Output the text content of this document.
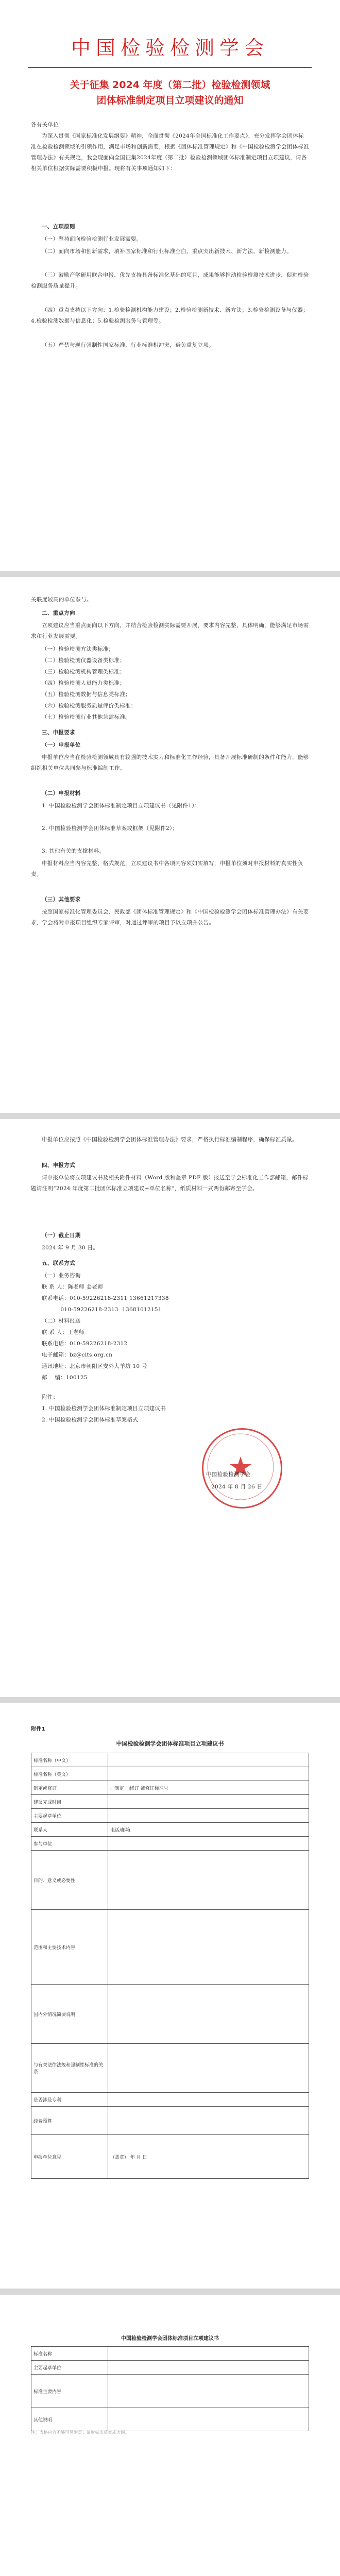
中国检验检测学会
关于征集 2024 年度（第二批）检验检测领域
团体标准制定项目立项建议的通知
各有关单位：
为深入贯彻《国家标准化发展纲要》精神，全面贯彻《2024年全国标准化工作要点》，充分发挥学会团体标准在检验检测领域的引领作用，满足市场和创新需要，根据《团体标准管理规定》和《中国检验检测学会团体标准管理办法》有关规定，我会现面向全国征集2024年度（第二批）检验检测领域团体标准制定项目立项建议，请各相关单位根据实际需要积极申报。现将有关事项通知如下：
一、立项原则
（一）坚持面向检验检测行业发展需要。
（二）面向市场和创新需求，填补国家标准和行业标准空白，重点突出新技术、新方法、新检测能力。
（三）鼓励产学研用联合申报，优先支持具备标准化基础的项目，成果能够推动检验检测技术进步，促进检验检测服务质量提升。
（四）重点支持以下方向：1.检验检测机构能力建设；2.检验检测新技术、新方法；3.检验检测设备与仪器；4.检验检测数据与信息化；5.检验检测服务与管理等。
（五）严禁与现行强制性国家标准、行业标准相冲突，避免重复立项。
关联度较高的单位参与。
二、重点方向
立项建议应当重点面向以下方向，并结合检验检测实际需要开展，要求内容完整、具体明确，能够满足市场需求和行业发展需要。
（一）检验检测方法类标准；
（二）检验检测仪器设备类标准；
（三）检验检测机构管理类标准；
（四）检验检测人员能力类标准；
（五）检验检测数据与信息类标准；
（六）检验检测服务质量评价类标准；
（七）检验检测行业其他急需标准。
三、申报要求
（一）申报单位
申报单位应当在检验检测领域具有较强的技术实力和标准化工作经验，具备开展标准研制的条件和能力，能够组织相关单位共同参与标准编制工作。
（二）申报材料
1. 中国检验检测学会团体标准制定项目立项建议书（见附件1）；
2. 中国检验检测学会团体标准草案或框架（见附件2）；
3. 其他有关的支撑材料。
申报材料应当内容完整、格式规范，立项建议书中各项内容须如实填写，申报单位须对申报材料的真实性负责。
（三）其他要求
按照国家标准化管理委员会、民政部《团体标准管理规定》和《中国检验检测学会团体标准管理办法》有关要求，学会将对申报项目组织专家评审，对通过评审的项目予以立项并公告。
申报单位应按照《中国检验检测学会团体标准管理办法》要求，严格执行标准编制程序，确保标准质量。
四、申报方式
请申报单位将立项建议书及相关附件材料（Word 版和盖章 PDF 版）报送至学会标准化工作部邮箱，邮件标题请注明“2024 年度第二批团体标准立项建议+单位名称”，纸质材料一式两份邮寄至学会。
（一）截止日期
2024 年 9 月 30 日。
五、联系方式
（一）业务咨询
联 系 人：陈老师 姜老师
联系电话：010-59226218-2311 13661217338
010-59226218-2313  13681012151
（二）材料报送
联 系 人：王老师
联系电话：010-59226218-2312
电子邮箱：bz@cits.org.cn
通讯地址：北京市朝阳区安外大羊坊 10 号
邮    编：100125
附件：
1. 中国检验检测学会团体标准制定项目立项建议书
2. 中国检验检测学会团体标准草案格式
中国检验检测学会
2024 年 8 月 26 日
附件1
中国检验检测学会团体标准项目立项建议书
标准名称（中文）	
标准名称（英文）	
制定或修订	□制定 □修订 被修订标准号
建议完成时间	
主要起草单位	
联系人	电话/邮箱
参与单位	
目的、意义或必要性	
范围和主要技术内容	
国内外情况简要说明	
与有关法律法规和强制性标准的关系	
是否涉及专利	
经费预算	
申报单位意见	（盖章） 年 月 日
中国检验检测学会团体标准项目立项建议书
标准名称	
主要起草单位	
标准主要内容	
其他说明	
注：表格内容不够可另附页；请附标准草案或大纲。
